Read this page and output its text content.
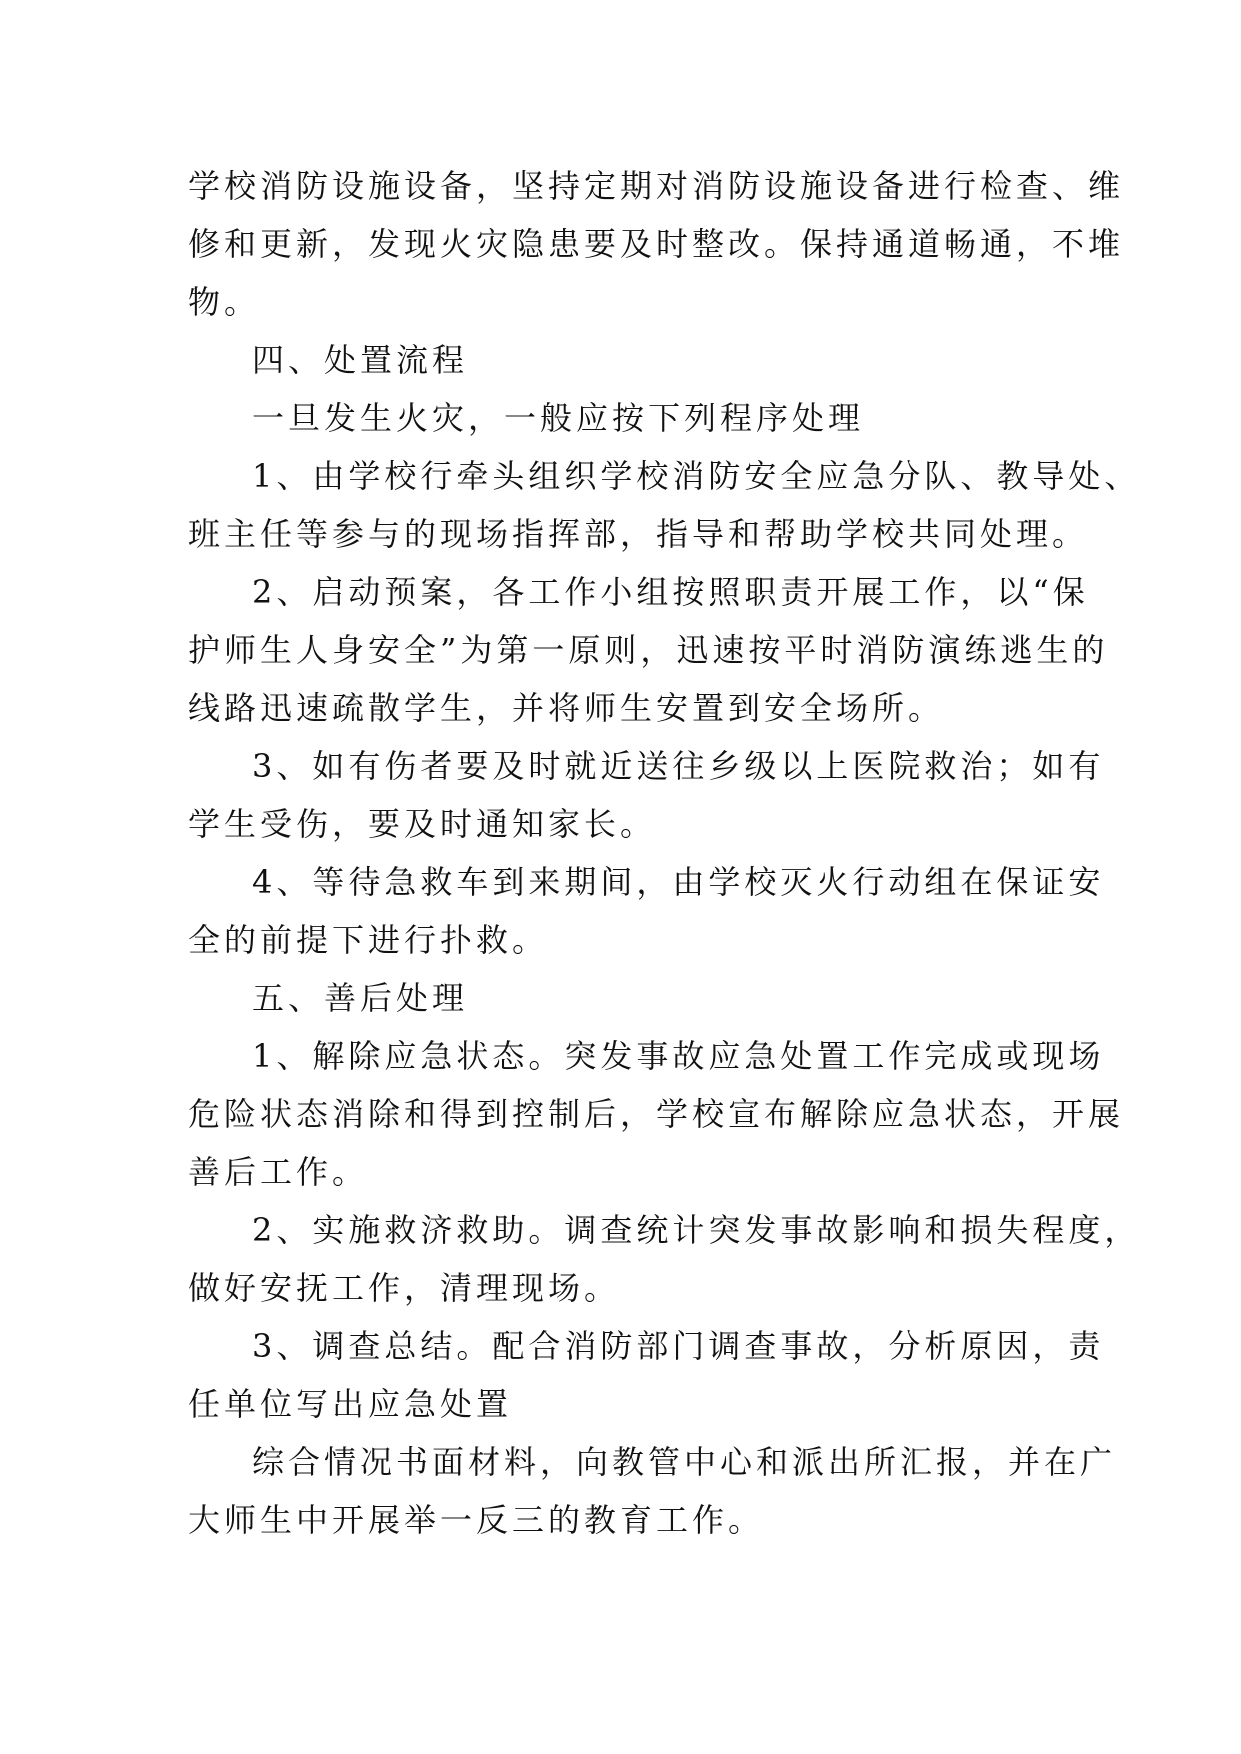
学校消防设施设备，坚持定期对消防设施设备进行检查、维
修和更新，发现火灾隐患要及时整改。保持通道畅通，不堆
物。
四、处置流程
一旦发生火灾，一般应按下列程序处理
1、由学校行牵头组织学校消防安全应急分队、教导处、
班主任等参与的现场指挥部，指导和帮助学校共同处理。
2、启动预案，各工作小组按照职责开展工作，以“保
护师生人身安全”为第一原则，迅速按平时消防演练逃生的
线路迅速疏散学生，并将师生安置到安全场所。
3、如有伤者要及时就近送往乡级以上医院救治；如有
学生受伤，要及时通知家长。
4、等待急救车到来期间，由学校灭火行动组在保证安
全的前提下进行扑救。
五、善后处理
1、解除应急状态。突发事故应急处置工作完成或现场
危险状态消除和得到控制后，学校宣布解除应急状态，开展
善后工作。
2、实施救济救助。调查统计突发事故影响和损失程度，
做好安抚工作，清理现场。
3、调查总结。配合消防部门调查事故，分析原因，责
任单位写出应急处置
综合情况书面材料，向教管中心和派出所汇报，并在广
大师生中开展举一反三的教育工作。
